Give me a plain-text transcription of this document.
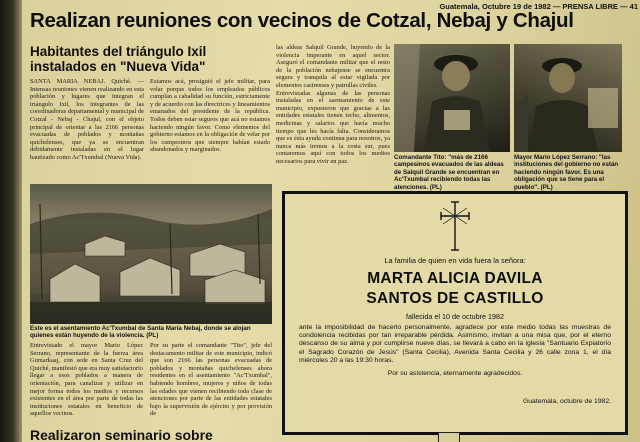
Guatemala, Octubre 19 de 1982 — PRENSA LIBRE — 41
Realizan reuniones con vecinos de Cotzal, Nebaj y Chajul
Habitantes del triángulo Ixil instalados en "Nueva Vida"
SANTA MARIA NEBAJ. Quiché. — Intensas reuniones vienen realizando en esta población y lugares que integran el triángulo Ixil, los integrantes de las coordinadoras departamental y municipal de Cotzal - Nebaj - Chajul, con el objeto principal de orientar a las 2166 personas evacuadas de poblados y montañas quichelenses, que ya se encuentran debidamente instaladas en el lugar bautizado como Ac'Txumbal (Nueva Vida).
Estamos acá, prosiguió el jefe militar, para velar porque todos los empleados públicos cumplan a cabalidad su función, estrictamente y de acuerdo con las directrices y lineamientos emanados del presidente de la república. Todos deben estar seguros que acá no estamos haciendo ningún favor. Como elementos del gobierno estamos en la obligación de velar por los campesinos que siempre habían estado abandonados y marginados.
las aldeas Salquil Grande, huyendo de la violencia imperante en aquel sector. Aseguró el comandante militar que el resto de la población nebajense se encuentra segura y tranquila al estar vigilada por elementos castrenses y patrullas civiles.
Entrevistadas algunas de las personas instaladas en el asentamiento de este municipio, expusieron que gracias a las entidades estatales tienen techo, alimentos, medicinas y salarios que hacía mucho tiempo que les hacía falta. Consideramos que es ésta ayuda continua para nosotros, ya nunca más iremos a la costa sur, pues contaremos aquí con todos los medios necesarios para vivir en paz.
Entrevistado el mayor Mario López Serrano, representante de la fuerza área Gumarkaaj, con sede en Santa Cruz del Quiché, manifestó que era muy satisfactorio llegar a esos poblados a manera de orientación, para canalizar y utilizar en mejor forma todos los medios y recursos existentes en el área por parte de todas las instituciones estatales en beneficio de aquellos vecinos.
Por su parte el comandante "Tito", jefe del destacamento militar de este municipio, indicó que son 2166 las personas evacuadas de poblados y montañas quichelenses ahora residentes en el asentamiento "Ac'Txumbal", habiendo hombres, mujeres y niños de todas las edades que vienen recibiendo toda clase de atenciones por parte de las entidades estatales bajo la supervisión de ejército y por provisión de
Este es el asentamiento Ac'Txumbal de Santa María Nebaj, donde se alojan quienes están huyendo de la violencia. (PL)
Comandante Tito: "más de 2166 campesinos evacuados de las aldeas de Salquil Grande se encuentran en Ac'Txumbal recibiendo todas las atenciones. (PL)
Mayor Mario López Serrano: "las instituciones del gobierno no están haciendo ningún favor. Es una obligación que se tiene para el pueblo". (PL)
La familia de quien en vida fuera la señora:
MARTA ALICIA DAVILA
SANTOS DE CASTILLO
fallecida el 10 de octubre 1982
ante la imposibilidad de hacerlo personalmente, agradece por este medio todas las muestras de condolencia recibidas por tan irreparable pérdida. Asimismo, invitan a una misa que, por el eterno descanso de su alma y por cumplirse nueve días, se llevará a cabo en la iglesia "Santuario Expiatorio el Sagrado Corazón de Jesús" (Santa Cecilia), Avenida Santa Cecilia y 26 calle zona 1, el día miércoles 20 a las 19:30 horas.
Por su asistencia, eternamente agradecidos.
Guatemala, octubre de 1982.
Realizaron seminario sobre
